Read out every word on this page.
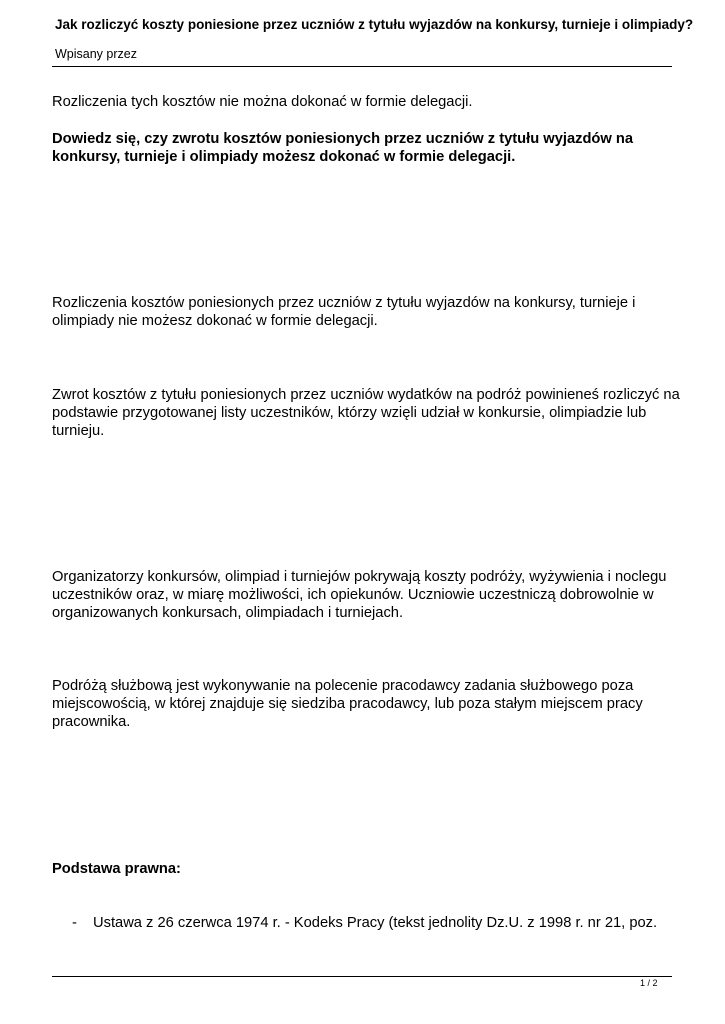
Jak rozliczyć koszty poniesione przez uczniów z tytułu wyjazdów na konkursy, turnieje i olimpiady?
Wpisany przez

Rozliczenia tych kosztów nie można dokonać w formie delegacji.

Dowiedz się, czy zwrotu kosztów poniesionych przez uczniów z tytułu wyjazdów na konkursy, turnieje i olimpiady możesz dokonać w formie delegacji.

Rozliczenia kosztów poniesionych przez uczniów z tytułu wyjazdów na konkursy, turnieje i olimpiady nie możesz dokonać w formie delegacji.

Zwrot kosztów z tytułu poniesionych przez uczniów wydatków na podróż powinieneś rozliczyć na podstawie przygotowanej listy uczestników, którzy wzięli udział w konkursie, olimpiadzie lub turnieju.

Organizatorzy konkursów, olimpiad i turniejów pokrywają koszty podróży, wyżywienia i noclegu uczestników oraz, w miarę możliwości, ich opiekunów. Uczniowie uczestniczą dobrowolnie w organizowanych konkursach, olimpiadach i turniejach.

Podróżą służbową jest wykonywanie na polecenie pracodawcy zadania służbowego poza miejscowością, w której znajduje się siedziba pracodawcy, lub poza stałym miejscem pracy pracownika.

Podstawa prawna:

- Ustawa z 26 czerwca 1974 r. - Kodeks Pracy (tekst jednolity Dz.U. z 1998 r. nr 21, poz.
1 / 2
